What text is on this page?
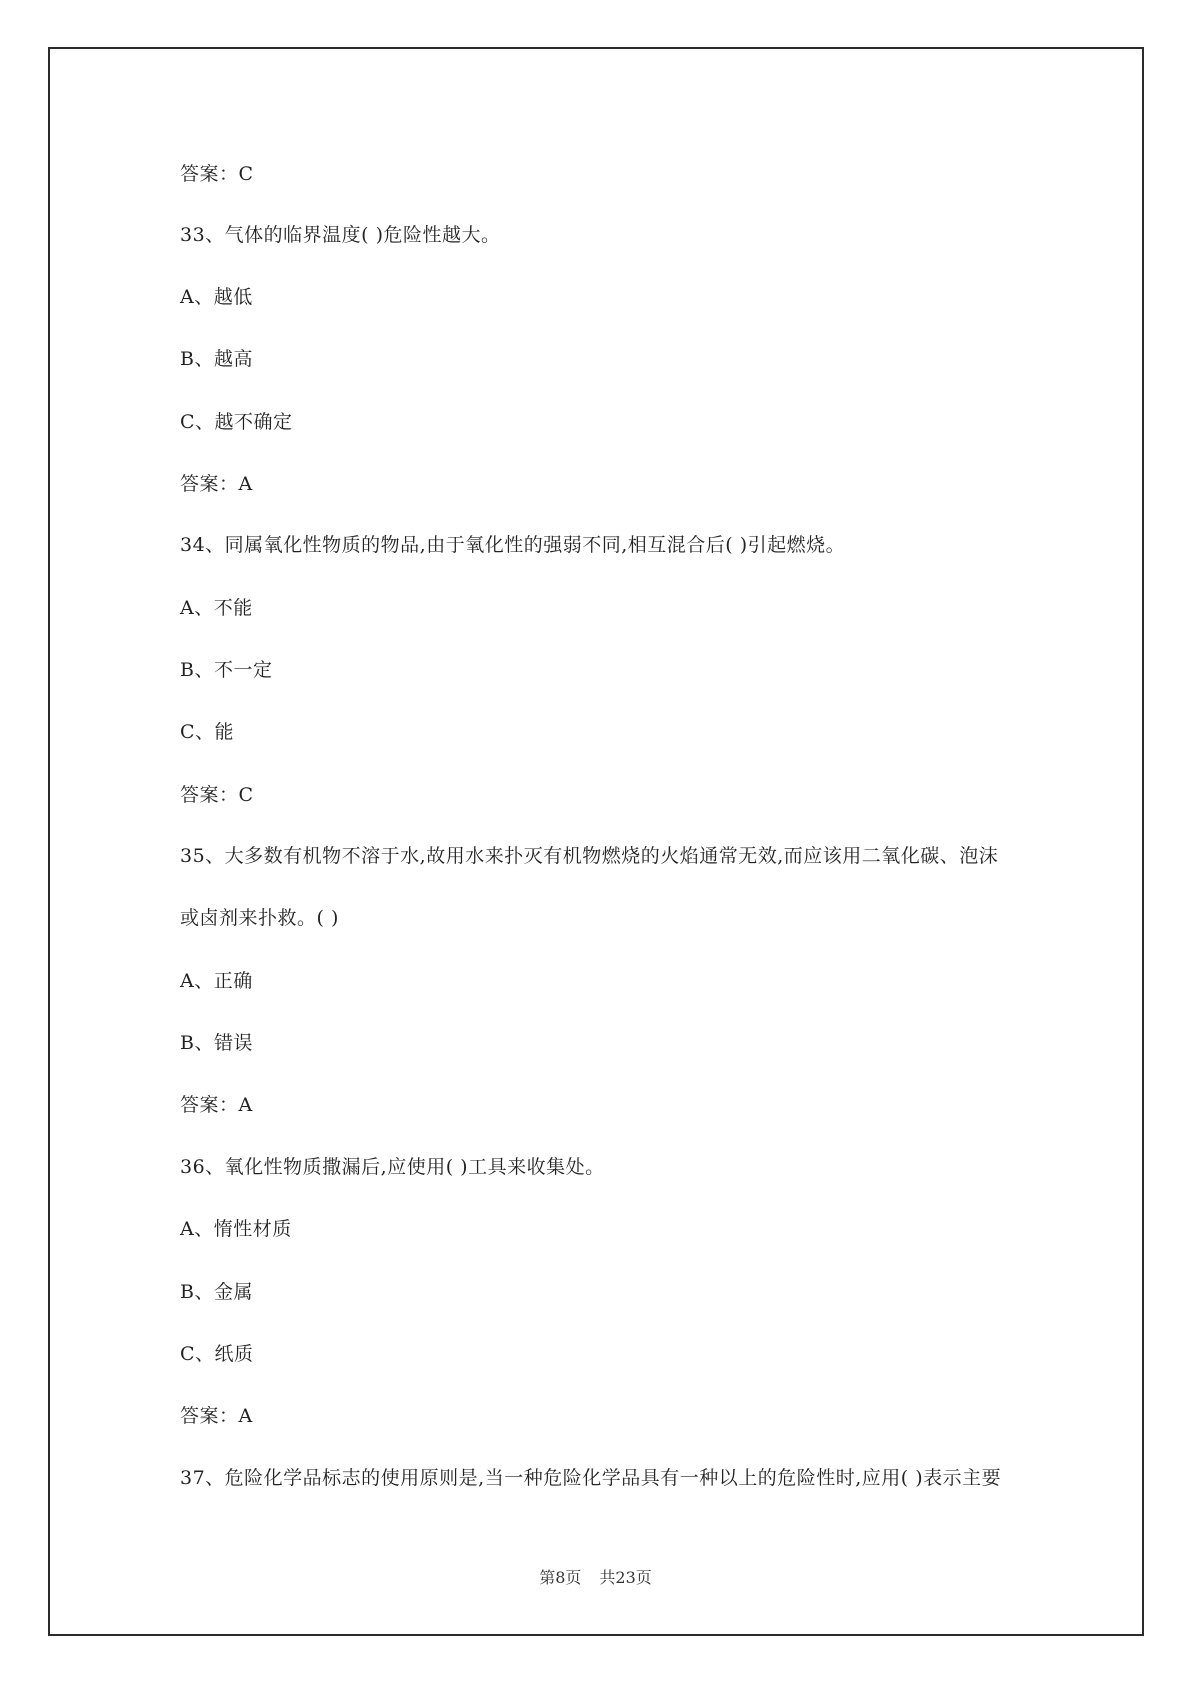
答案：C
33、气体的临界温度( )危险性越大。
A、越低
B、越高
C、越不确定
答案：A
34、同属氧化性物质的物品,由于氧化性的强弱不同,相互混合后( )引起燃烧。
A、不能
B、不一定
C、能
答案：C
35、大多数有机物不溶于水,故用水来扑灭有机物燃烧的火焰通常无效,而应该用二氧化碳、泡沫
或卤剂来扑救。( )
A、正确
B、错误
答案：A
36、氧化性物质撒漏后,应使用( )工具来收集处。
A、惰性材质
B、金属
C、纸质
答案：A
37、危险化学品标志的使用原则是,当一种危险化学品具有一种以上的危险性时,应用( )表示主要
第8页 共23页
